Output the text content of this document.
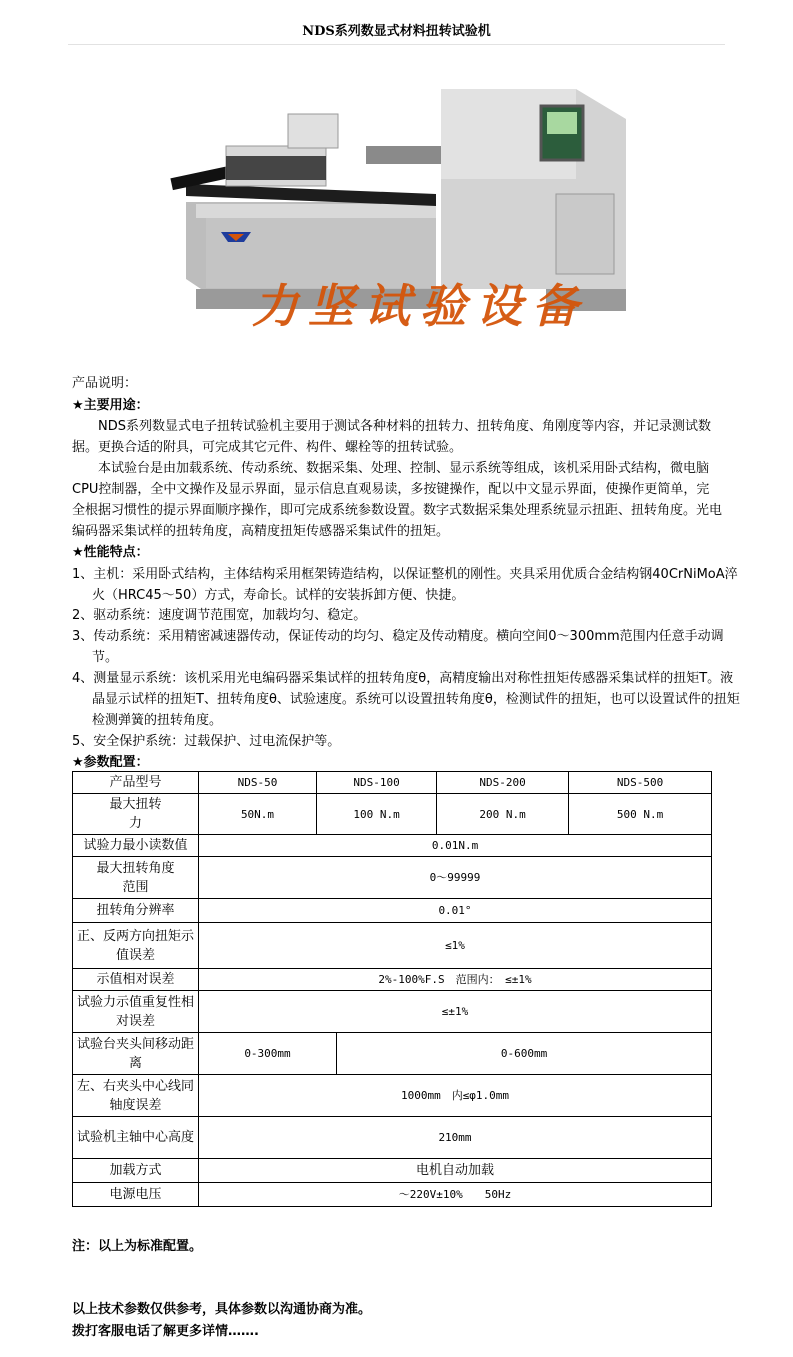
NDS系列数显式材料扭转试验机
力坚试验设备
产品说明：
★主要用途：
NDS系列数显式电子扭转试验机主要用于测试各种材料的扭转力、扭转角度、角刚度等内容，并记录测试数据。更换合适的附具，可完成其它元件、构件、螺栓等的扭转试验。
本试验台是由加载系统、传动系统、数据采集、处理、控制、显示系统等组成，该机采用卧式结构，微电脑CPU控制器，全中文操作及显示界面，显示信息直观易读，多按键操作，配以中文显示界面，使操作更简单，完全根据习惯性的提示界面顺序操作，即可完成系统参数设置。数字式数据采集处理系统显示扭距、扭转角度。光电编码器采集试样的扭转角度，高精度扭矩传感器采集试件的扭矩。
★性能特点：
1、主机：采用卧式结构，主体结构采用框架铸造结构，以保证整机的刚性。夹具采用优质合金结构钢40CrNiMoA淬火（HRC45～50）方式，寿命长。试样的安装拆卸方便、快捷。
2、驱动系统：速度调节范围宽，加载均匀、稳定。
3、传动系统：采用精密减速器传动，保证传动的均匀、稳定及传动精度。横向空间0～300mm范围内任意手动调节。
4、测量显示系统：该机采用光电编码器采集试样的扭转角度θ，高精度输出对称性扭矩传感器采集试样的扭矩T。液晶显示试样的扭矩T、扭转角度θ、试验速度。系统可以设置扭转角度θ，检测试件的扭矩，也可以设置试件的扭矩检测弹簧的扭转角度。
5、安全保护系统：过载保护、过电流保护等。
★参数配置：
产品型号	NDS-50	NDS-100		NDS-200	NDS-500
最大扭转力	50N.m	100 N.m		200 N.m	500 N.m
试验力最小读数值	0.01N.m				
最大扭转角度范围	0～99999				
扭转角分辨率	0.01°				
正、反两方向扭矩示值误差	≤1%				
示值相对误差	2%-100%F.S　范围内：　≤±1%				
试验力示值重复性相对误差	≤±1%				
试验台夹头间移动距离	0-300mm		0-600mm		
左、右夹头中心线同轴度误差	1000mm　内≤φ1.0mm				
试验机主轴中心高度	210mm				
加载方式	电机自动加载				
电源电压	～220V±10%　　50Hz				
注：以上为标准配置。
以上技术参数仅供参考，具体参数以沟通协商为准。
拨打客服电话了解更多详情…….
